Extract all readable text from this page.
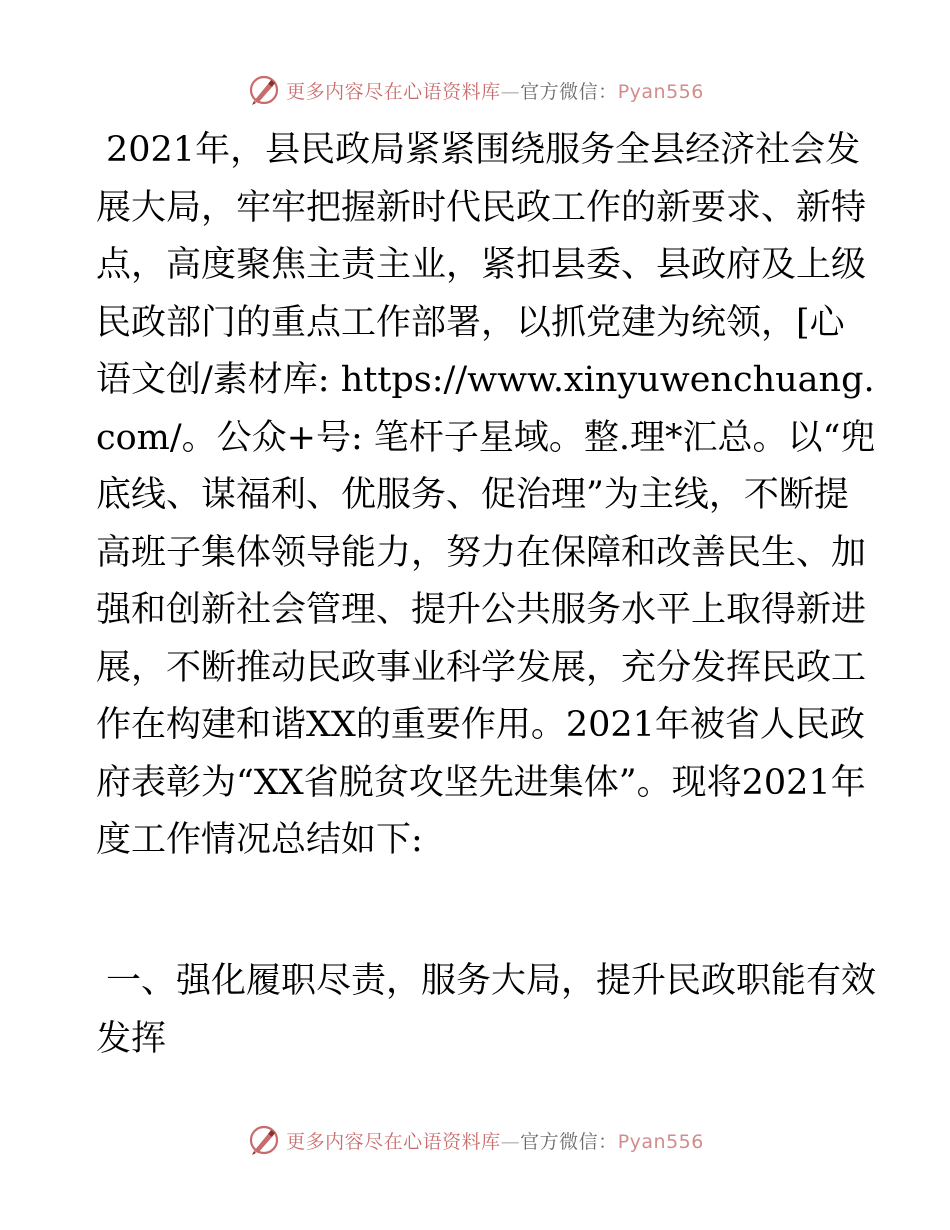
更多内容尽在心语资料库—官方微信：Pyan556

2021年，县民政局紧紧围绕服务全县经济社会发展大局，牢牢把握新时代民政工作的新要求、新特点，高度聚焦主责主业，紧扣县委、县政府及上级民政部门的重点工作部署，以抓党建为统领，[心语文创/素材库: https://www.xinyuwenchuang.com/。公众+号: 笔杆子星域。整.理*汇总。以“兜底线、谋福利、优服务、促治理”为主线，不断提高班子集体领导能力，努力在保障和改善民生、加强和创新社会管理、提升公共服务水平上取得新进展，不断推动民政事业科学发展，充分发挥民政工作在构建和谐XX的重要作用。2021年被省人民政府表彰为“XX省脱贫攻坚先进集体”。现将2021年度工作情况总结如下:

一、强化履职尽责，服务大局，提升民政职能有效发挥

更多内容尽在心语资料库—官方微信：Pyan556
